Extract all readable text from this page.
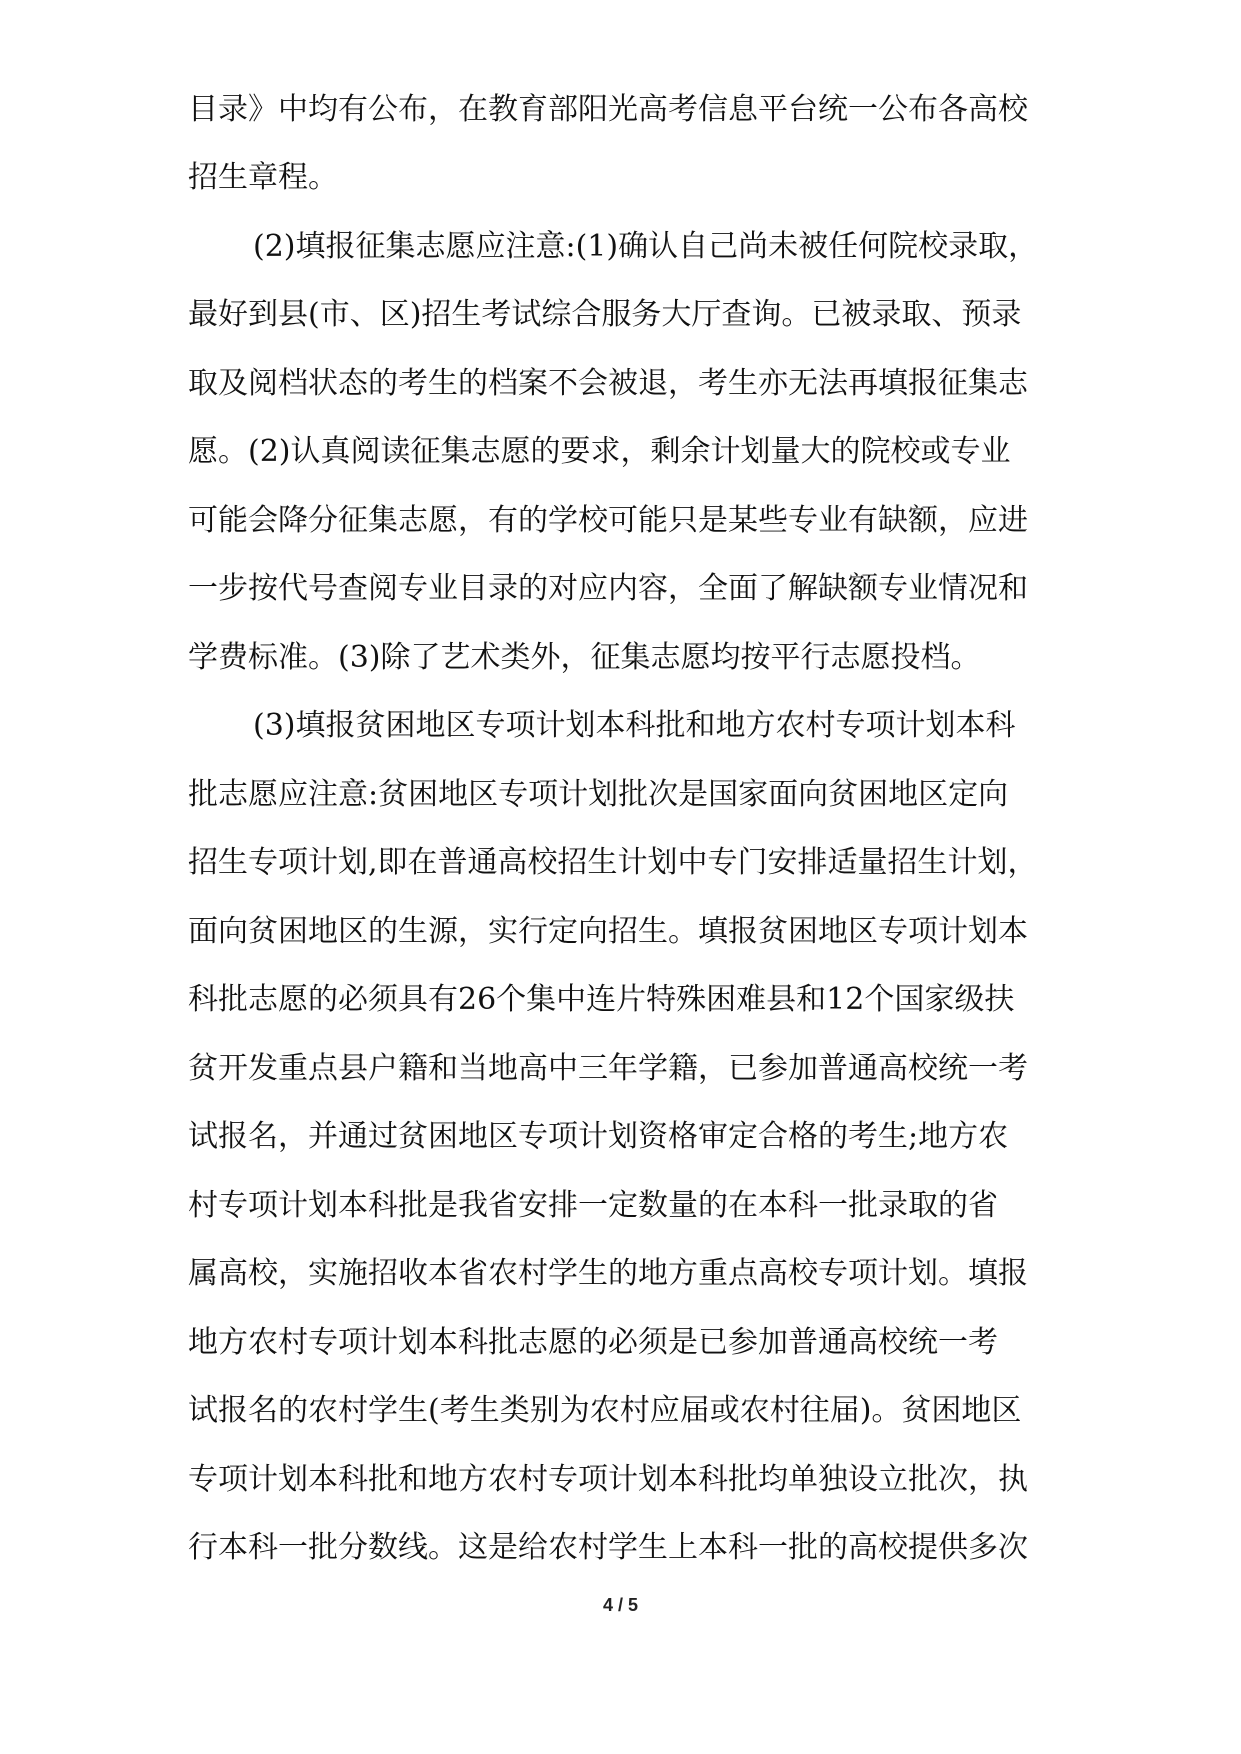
目录》中均有公布，在教育部阳光高考信息平台统一公布各高校
招生章程。
(2)填报征集志愿应注意:(1)确认自己尚未被任何院校录取，
最好到县(市、区)招生考试综合服务大厅查询。已被录取、预录
取及阅档状态的考生的档案不会被退，考生亦无法再填报征集志
愿。(2)认真阅读征集志愿的要求，剩余计划量大的院校或专业
可能会降分征集志愿，有的学校可能只是某些专业有缺额，应进
一步按代号查阅专业目录的对应内容，全面了解缺额专业情况和
学费标准。(3)除了艺术类外，征集志愿均按平行志愿投档。
(3)填报贫困地区专项计划本科批和地方农村专项计划本科
批志愿应注意:贫困地区专项计划批次是国家面向贫困地区定向
招生专项计划,即在普通高校招生计划中专门安排适量招生计划，
面向贫困地区的生源，实行定向招生。填报贫困地区专项计划本
科批志愿的必须具有26个集中连片特殊困难县和12个国家级扶
贫开发重点县户籍和当地高中三年学籍，已参加普通高校统一考
试报名，并通过贫困地区专项计划资格审定合格的考生;地方农
村专项计划本科批是我省安排一定数量的在本科一批录取的省
属高校，实施招收本省农村学生的地方重点高校专项计划。填报
地方农村专项计划本科批志愿的必须是已参加普通高校统一考
试报名的农村学生(考生类别为农村应届或农村往届)。贫困地区
专项计划本科批和地方农村专项计划本科批均单独设立批次，执
行本科一批分数线。这是给农村学生上本科一批的高校提供多次
4 / 5
